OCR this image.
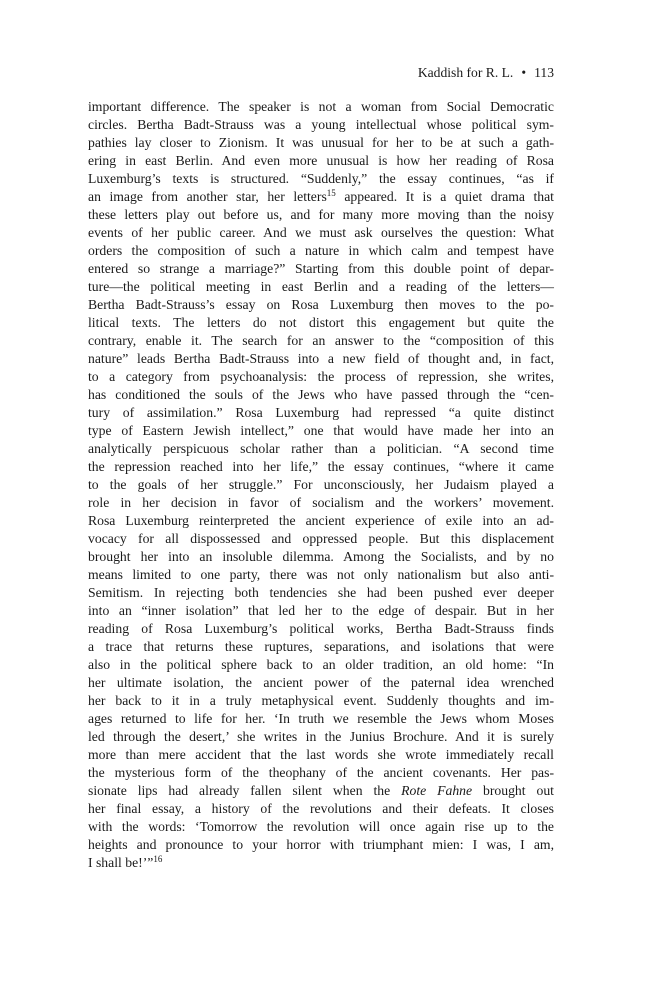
Kaddish for R. L. • 113
important difference. The speaker is not a woman from Social Democratic
circles. Bertha Badt-Strauss was a young intellectual whose political sym-
pathies lay closer to Zionism. It was unusual for her to be at such a gath-
ering in east Berlin. And even more unusual is how her reading of Rosa
Luxemburg’s texts is structured. “Suddenly,” the essay continues, “as if
an image from another star, her letters$^{15}$ appeared. It is a quiet drama that
these letters play out before us, and for many more moving than the noisy
events of her public career. And we must ask ourselves the question: What
orders the composition of such a nature in which calm and tempest have
entered so strange a marriage?” Starting from this double point of depar-
ture—the political meeting in east Berlin and a reading of the letters—
Bertha Badt-Strauss’s essay on Rosa Luxemburg then moves to the po-
litical texts. The letters do not distort this engagement but quite the
contrary, enable it. The search for an answer to the “composition of this
nature” leads Bertha Badt-Strauss into a new field of thought and, in fact,
to a category from psychoanalysis: the process of repression, she writes,
has conditioned the souls of the Jews who have passed through the “cen-
tury of assimilation.” Rosa Luxemburg had repressed “a quite distinct
type of Eastern Jewish intellect,” one that would have made her into an
analytically perspicuous scholar rather than a politician. “A second time
the repression reached into her life,” the essay continues, “where it came
to the goals of her struggle.” For unconsciously, her Judaism played a
role in her decision in favor of socialism and the workers’ movement.
Rosa Luxemburg reinterpreted the ancient experience of exile into an ad-
vocacy for all dispossessed and oppressed people. But this displacement
brought her into an insoluble dilemma. Among the Socialists, and by no
means limited to one party, there was not only nationalism but also anti-
Semitism. In rejecting both tendencies she had been pushed ever deeper
into an “inner isolation” that led her to the edge of despair. But in her
reading of Rosa Luxemburg’s political works, Bertha Badt-Strauss finds
a trace that returns these ruptures, separations, and isolations that were
also in the political sphere back to an older tradition, an old home: “In
her ultimate isolation, the ancient power of the paternal idea wrenched
her back to it in a truly metaphysical event. Suddenly thoughts and im-
ages returned to life for her. ‘In truth we resemble the Jews whom Moses
led through the desert,’ she writes in the Junius Brochure. And it is surely
more than mere accident that the last words she wrote immediately recall
the mysterious form of the theophany of the ancient covenants. Her pas-
sionate lips had already fallen silent when the Rote Fahne brought out
her final essay, a history of the revolutions and their defeats. It closes
with the words: ‘Tomorrow the revolution will once again rise up to the
heights and pronounce to your horror with triumphant mien: I was, I am,
I shall be!’”$^{16}$
